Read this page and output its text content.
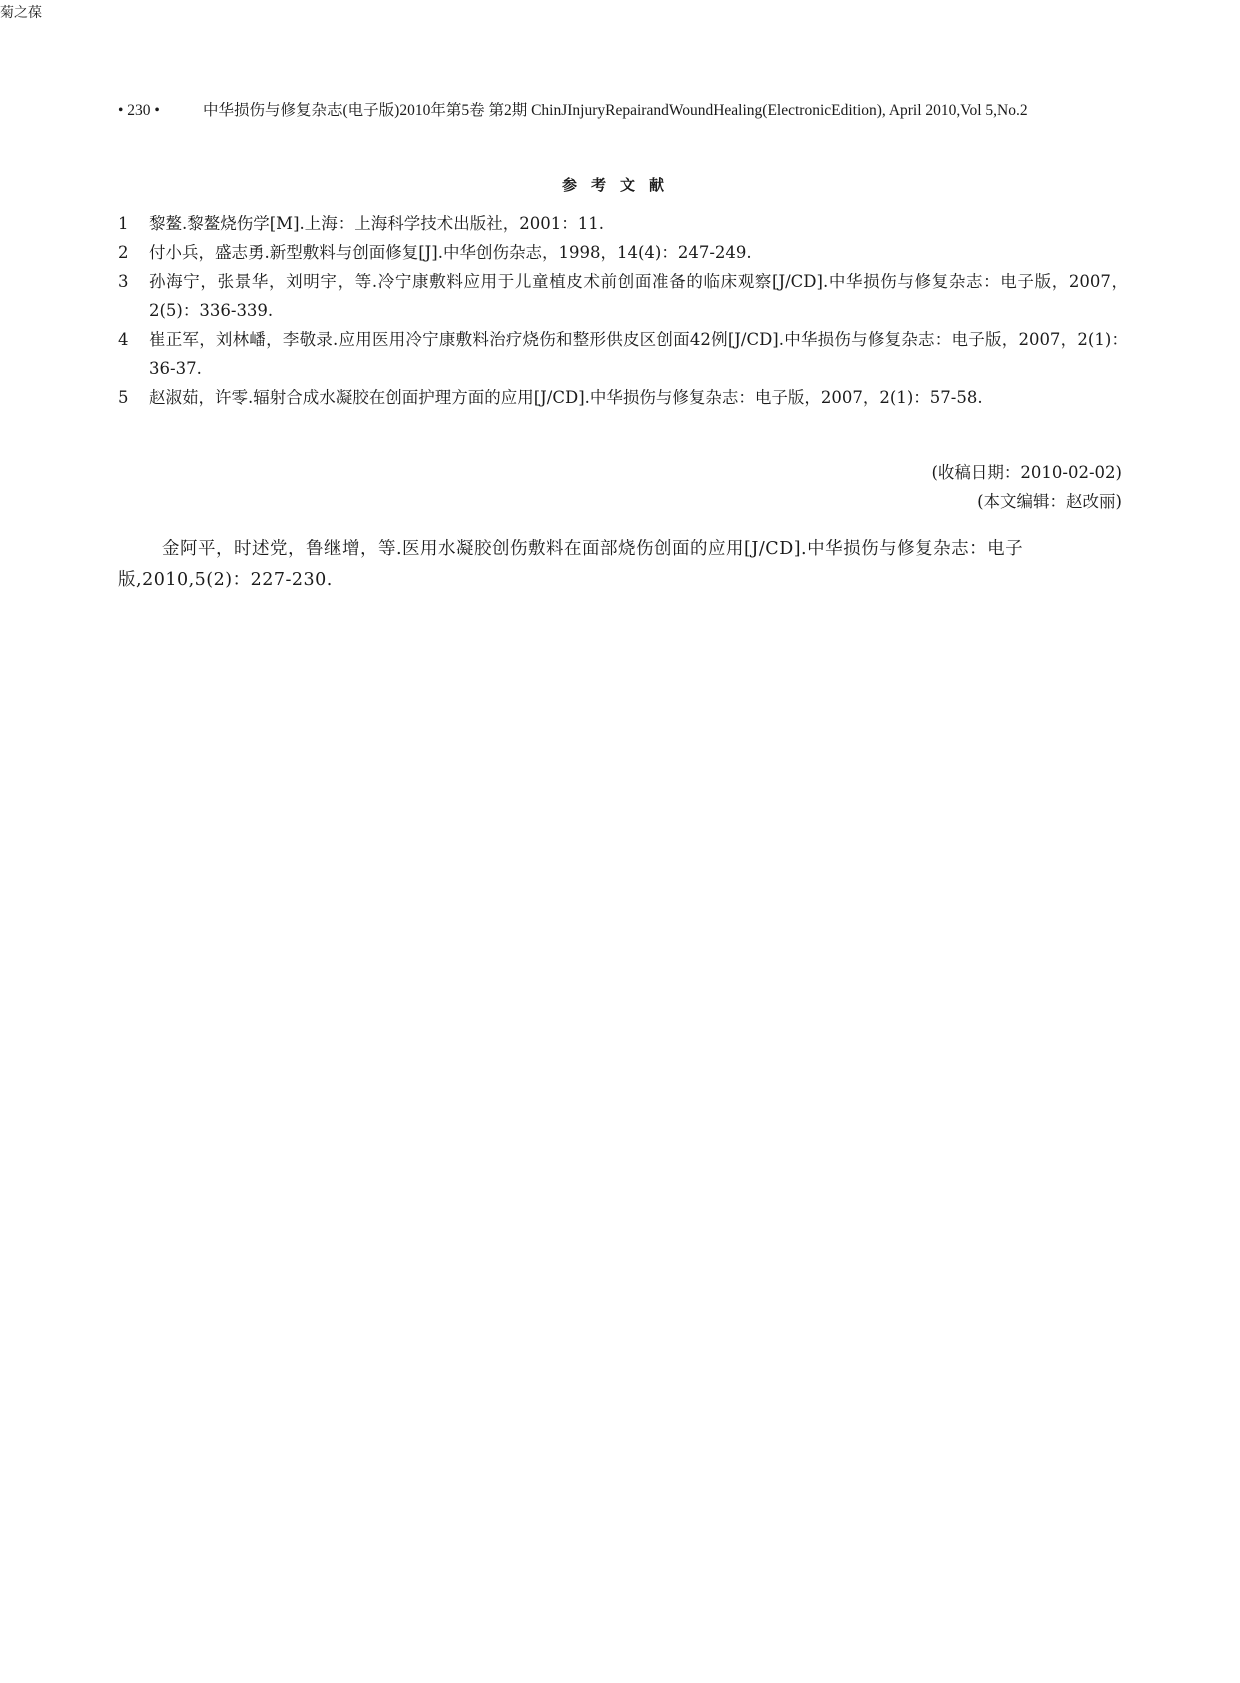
菊之葆
• 230 •	中华损伤与修复杂志(电子版)2010年第5卷 第2期 ChinJInjuryRepairandWoundHealing(ElectronicEdition), April 2010,Vol 5,No.2
参考文献
1 黎鳌.黎鳌烧伤学[M].上海：上海科学技术出版社，2001：11.
2 付小兵，盛志勇.新型敷料与创面修复[J].中华创伤杂志，1998，14(4)：247-249.
3 孙海宁，张景华，刘明宇，等.冷宁康敷料应用于儿童植皮术前创面准备的临床观察[J/CD].中华损伤与修复杂志：电子版，2007，2(5)：336-339.
4 崔正军，刘林嶓，李敬录.应用医用冷宁康敷料治疗烧伤和整形供皮区创面42例[J/CD].中华损伤与修复杂志：电子版，2007，2(1)：36-37.
5 赵淑茹，许零.辐射合成水凝胶在创面护理方面的应用[J/CD].中华损伤与修复杂志：电子版，2007，2(1)：57-58.
(收稿日期：2010-02-02)
(本文编辑：赵改丽)
金阿平，时述党，鲁继增，等.医用水凝胶创伤敷料在面部烧伤创面的应用[J/CD].中华损伤与修复杂志：电子版,2010,5(2)：227-230.
